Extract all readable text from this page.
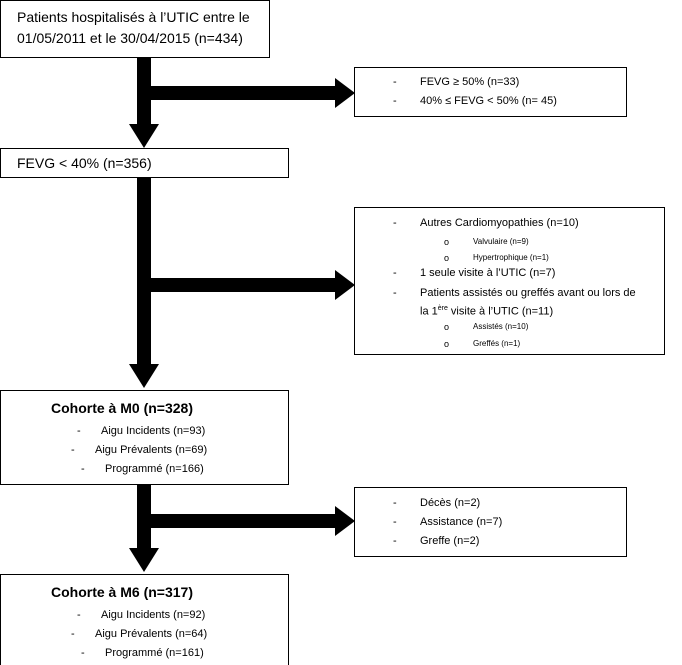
Patients hospitalisés à l’UTIC entre le
01/05/2011 et le 30/04/2015 (n=434)
- FEVG ≥ 50% (n=33)
- 40% ≤ FEVG < 50% (n= 45)
FEVG < 40% (n=356)
- Autres Cardiomyopathies (n=10)
o	Valvulaire (n=9)
o	Hypertrophique (n=1)
- 1 seule visite à l’UTIC (n=7)
- Patients assistés ou greffés avant ou lors de
la 1ère visite à l’UTIC (n=11)
o	Assistés (n=10)
o	Greffés (n=1)
Cohorte à M0 (n=328)
- Aigu Incidents (n=93)
- Aigu Prévalents (n=69)
- Programmé (n=166)
- Décès (n=2)
- Assistance (n=7)
- Greffe (n=2)
Cohorte à M6 (n=317)
- Aigu Incidents (n=92)
- Aigu Prévalents (n=64)
- Programmé (n=161)
